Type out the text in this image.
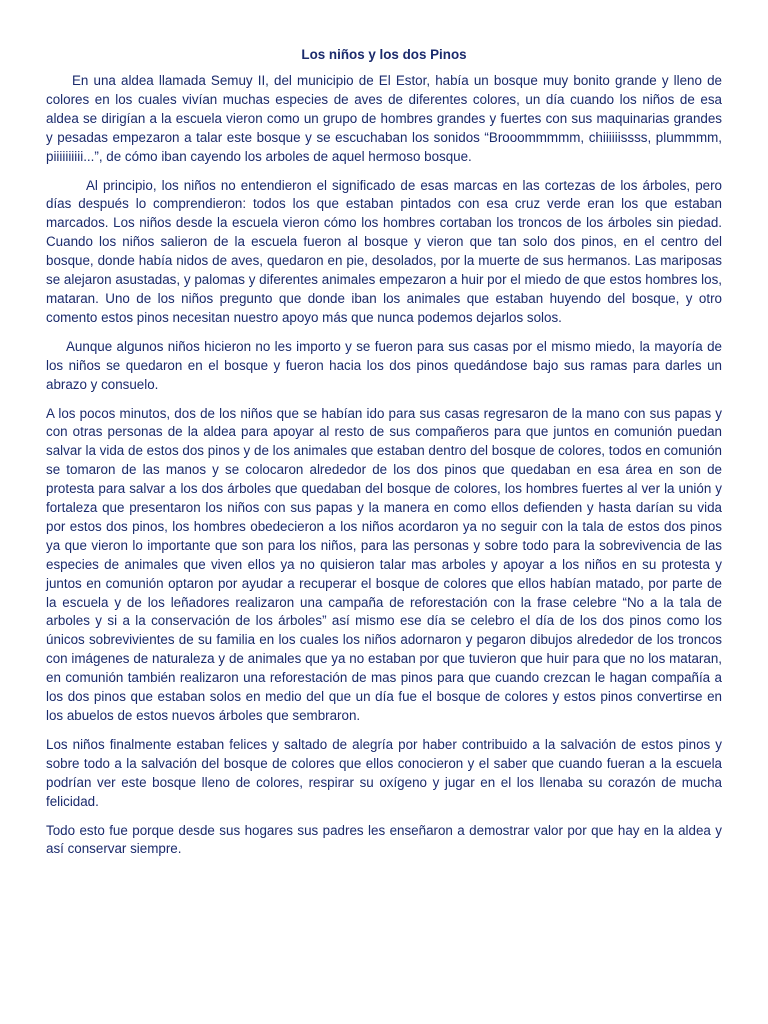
Los niños y los dos Pinos

En una aldea llamada Semuy II, del municipio de El Estor, había un bosque muy bonito grande y lleno de colores en los cuales vivían muchas especies de aves de diferentes colores, un día cuando los niños de esa aldea se dirigían a la escuela vieron como un grupo de hombres grandes y fuertes con sus maquinarias grandes y pesadas empezaron a talar este bosque y se escuchaban los sonidos “Brooommmmm, chiiiiiissss, plummmm, piiiiiiiiii...”, de cómo iban cayendo los arboles de aquel hermoso bosque.

Al principio, los niños no entendieron el significado de esas marcas en las cortezas de los árboles, pero días después lo comprendieron: todos los que estaban pintados con esa cruz verde eran los que estaban marcados. Los niños desde la escuela vieron cómo los hombres cortaban los troncos de los árboles sin piedad. Cuando los niños salieron de la escuela fueron al bosque y vieron que tan solo dos pinos, en el centro del bosque, donde había nidos de aves, quedaron en pie, desolados, por la muerte de sus hermanos. Las mariposas se alejaron asustadas, y palomas y diferentes animales empezaron a huir por el miedo de que estos hombres los, mataran. Uno de los niños pregunto que donde iban los animales que estaban huyendo del bosque, y otro comento estos pinos necesitan nuestro apoyo más que nunca podemos dejarlos solos.

Aunque algunos niños hicieron no les importo y se fueron para sus casas por el mismo miedo, la mayoría de los niños se quedaron en el bosque y fueron hacia los dos pinos quedándose bajo sus ramas para darles un abrazo y consuelo.

A los pocos minutos, dos de los niños que se habían ido para sus casas regresaron de la mano con sus papas y con otras personas de la aldea para apoyar al resto de sus compañeros para que juntos en comunión puedan salvar la vida de estos dos pinos y de los animales que estaban dentro del bosque de colores, todos en comunión se tomaron de las manos y se colocaron alrededor de los dos pinos que quedaban en esa área en son de protesta para salvar a los dos árboles que quedaban del bosque de colores, los hombres fuertes al ver la unión y fortaleza que presentaron los niños con sus papas y la manera en como ellos defienden y hasta darían su vida por estos dos pinos, los hombres obedecieron a los niños acordaron ya no seguir con la tala de estos dos pinos ya que vieron lo importante que son para los niños, para las personas y sobre todo para la sobrevivencia de las especies de animales que viven ellos ya no quisieron talar mas arboles y apoyar a los niños en su protesta y juntos en comunión optaron por ayudar a recuperar el bosque de colores que ellos habían matado, por parte de la escuela y de los leñadores realizaron una campaña de reforestación con la frase celebre “No a la tala de arboles y si a la conservación de los árboles” así mismo ese día se celebro el día de los dos pinos como los únicos sobrevivientes de su familia en los cuales los niños adornaron y pegaron dibujos alrededor de los troncos con imágenes de naturaleza y de animales que ya no estaban por que tuvieron que huir para que no los mataran, en comunión también realizaron una reforestación de mas pinos para que cuando crezcan le hagan compañía a los dos pinos que estaban solos en medio del que un día fue el bosque de colores y estos pinos convertirse en los abuelos de estos nuevos árboles que sembraron.

Los niños finalmente estaban felices y saltado de alegría por haber contribuido a la salvación de estos pinos y sobre todo a la salvación del bosque de colores que ellos conocieron y el saber que cuando fueran a la escuela podrían ver este bosque lleno de colores, respirar su oxígeno y jugar en el los llenaba su corazón de mucha felicidad.

Todo esto fue porque desde sus hogares sus padres les enseñaron a demostrar valor por que hay en la aldea y así conservar siempre.
